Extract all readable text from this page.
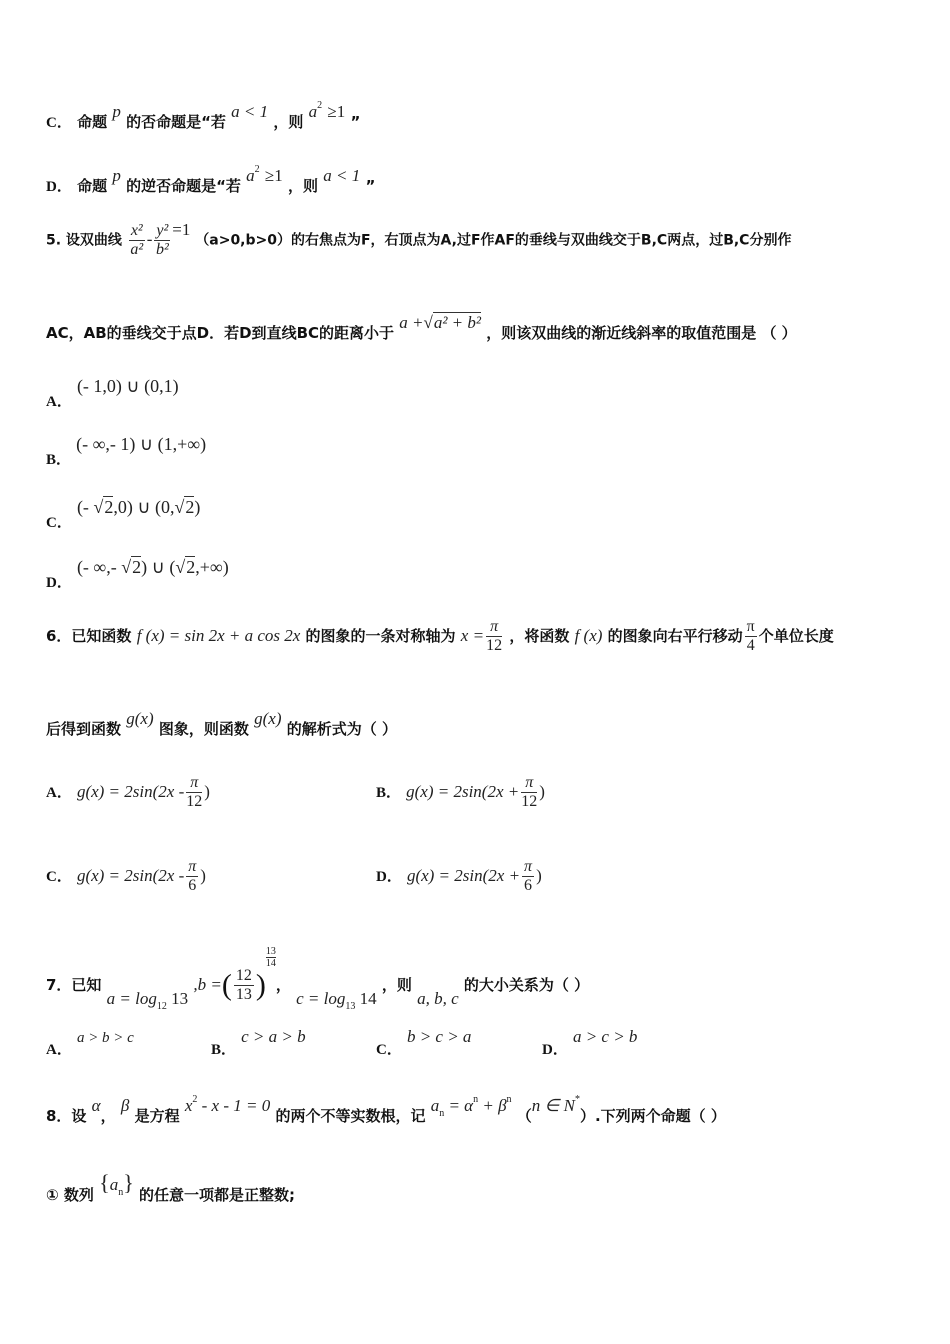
C． 命题 p 的否命题是“若 a < 1 ，则 $a^2 \ge 1$ ”
D． 命题 p 的逆否命题是“若 $a^2 \ge 1$ ，则 a < 1 ”
5. 设双曲线 $\frac{\text{x²}}{\text{a²}} - \frac{\text{y²}}{\text{b²}} =1$ （a>0,b>0）的右焦点为F，右顶点为A,过F作AF的垂线与双曲线交于B,C两点，过B,C分别作
AC，AB的垂线交于点D．若D到直线BC的距离小于 a +√a² + b² ，则该双曲线的渐近线斜率的取值范围是 （ ）
A． (- 1,0) ∪ (0,1)
B． (- ∞,- 1) ∪ (1,+∞)
C． (- √2,0) ∪ (0,√2)
D． (- ∞,- √2) ∪ (√2,+∞)
6．已知函数 f (x) = sin 2x + a cos 2x 的图象的一条对称轴为 $x = \frac{\pi}{12}$ ，将函数 f (x) 的图象向右平行移动 $\frac{\pi}{4}$ 个单位长度
后得到函数 g(x) 图象，则函数 g(x) 的解析式为（ ）
A． $g(x) = 2\sin(2x - \frac{\pi}{12}$ )	B． $g(x) = 2\sin(2x + \frac{\pi}{12}$ )
C． $g(x) = 2\sin(2x - \frac{\pi}{6}$ )	D． $g(x) = 2\sin(2x + \frac{\pi}{6}$ )
7．已知 $a = \log_{12} 13$ ,b =( $\frac{12}{13}$ )
$\frac{13}{14}$
， $c = \log_{13} 14$ ，则 a, b, c 的大小关系为（ ）
A． a > b > c
B． c > a > b
C． b > c > a
D． a > c > b
8．设 α， β 是方程 $x^2 - x - 1 = 0$ 的两个不等实数根，记 $a_n = \alpha^n + \beta^n$ （n ∈ N*）.下列两个命题（ ）
① 数列 $\{a_n\}$ 的任意一项都是正整数;
